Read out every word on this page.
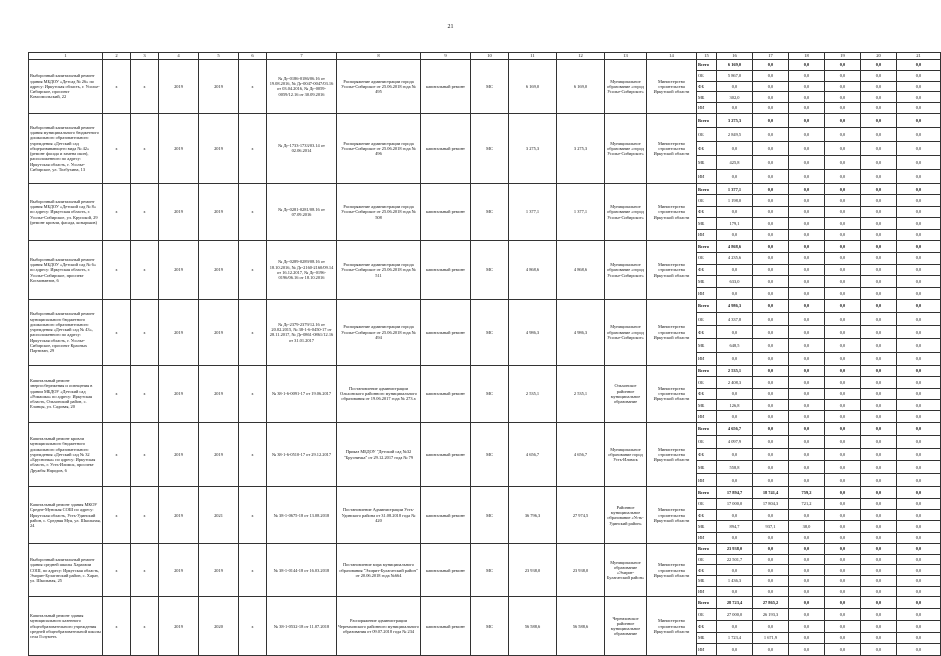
21
1	2	3	4	5	6	7	8	9	10	11	12	13	14	15	16	17	18	19	20	21
Выборочный капитальный ремонт здания МБДОУ «Детсад № 26» по адресу: Иркутская область, г. Усолье-Сибирское, проспект Комсомольский, 22	х	х	2019	2019	х	№ Дг-0186-0186/06.16 от 19.08.2016, № Дг-0047-0047/03.16 от 03.04.2016, № Дг-0059-0059/12.16 от 30.09.2016	Распоряжение администрации города Усолье-Сибирское от 25.06.2018 года № 495	капитальный ремонт	МС	6 169,0	6 169,0	Муниципальное образование «город Усолье-Сибирское»	Министерство строительства Иркутской области	Всего	6 169,0	0,0	0,0	0,0	0,0	0,0
														ОБ	5 867,0	0,0	0,0	0,0	0,0	0,0
														ФБ	0,0	0,0	0,0	0,0	0,0	0,0
														МБ	302,0	0,0	0,0	0,0	0,0	0,0
														ИИ	0,0	0,0	0,0	0,0	0,0	0,0
Выборочный капитальный ремонт здания муниципального бюджетного дошкольного образовательного учреждения «Детский сад общеразвивающего вида № 42» (ремонт фасада и замена окон), расположенного по адресу: Иркутская область, г. Усолье-Сибирское, ул. Толбухина, 13	х	х	2019	2019	х	№ Дг-1733-1733/03.14 от 02.06.2014	Распоряжение администрации города Усолье-Сибирское от 25.06.2018 года № 496	капитальный ремонт	МС	3 275,3	3 275,3	Муниципальное образование «город Усолье-Сибирское»	Министерство строительства Иркутской области	Всего	3 275,3	0,0	0,0	0,0	0,0	0,0
														ОБ	2 849,5	0,0	0,0	0,0	0,0	0,0
														ФБ	0,0	0,0	0,0	0,0	0,0	0,0
														МБ	425,8	0,0	0,0	0,0	0,0	0,0
														ИИ	0,0	0,0	0,0	0,0	0,0	0,0
Выборочный капитальный ремонт здания МБДОУ «Детский сад № 8» по адресу: Иркутская область, г. Усолье-Сибирское, ул. Крупской, 29 (ремонт кровли, фасада, козырьков)	х	х	2019	2019	х	№ Дг-0281-0281/08.16 от 07.09.2016	Распоряжение администрации города Усолье-Сибирское от 25.06.2018 года № 508	капитальный ремонт	МС	1 377,1	1 377,1	Муниципальное образование «город Усолье-Сибирское»	Министерство строительства Иркутской области	Всего	1 377,1	0,0	0,0	0,0	0,0	0,0
														ОБ	1 198,0	0,0	0,0	0,0	0,0	0,0
														ФБ	0,0	0,0	0,0	0,0	0,0	0,0
														МБ	179,1	0,0	0,0	0,0	0,0	0,0
														ИИ	0,0	0,0	0,0	0,0	0,0	0,0
Выборочный капитальный ремонт здания МБДОУ «Детский сад № 6» по адресу: Иркутская область, г. Усолье-Сибирское, проспект Космонавтов, 6	х	х	2019	2019	х	№ Дг-0289-0289/08.16 от 18.10.2016, № Дг-2160-2160/09.14 от 16.12.2017, № Дг-0196-0196/06.16 от 18.10.2016	Распоряжение администрации города Усолье-Сибирское от 25.06.2018 года № 511	капитальный ремонт	МС	4 868,6	4 868,6	Муниципальное образование «город Усолье-Сибирское»	Министерство строительства Иркутской области	Всего	4 868,6	0,0	0,0	0,0	0,0	0,0
														ОБ	4 235,6	0,0	0,0	0,0	0,0	0,0
														ФБ	0,0	0,0	0,0	0,0	0,0	0,0
														МБ	633,0	0,0	0,0	0,0	0,0	0,0
														ИИ	0,0	0,0	0,0	0,0	0,0	0,0
Выборочный капитальный ремонт муниципального бюджетного дошкольного образовательного учреждения «Детский сад № 43», расположенного по адресу: Иркутская область, г. Усолье-Сибирское, проспект Красных Партизан, 29	х	х	2019	2019	х	№ Дг-2379-2379/12.16 от 20.02.2015, № 38-1-6-0450-17 от 28.11.2017, № Дг-0861-0861/12.16 от 31.01.2017	Распоряжение администрации города Усолье-Сибирское от 25.06.2018 года № 494	капитальный ремонт	МС	4 986,3	4 986,3	Муниципальное образование «город Усолье-Сибирское»	Министерство строительства Иркутской области	Всего	4 986,3	0,0	0,0	0,0	0,0	0,0
														ОБ	4 337,8	0,0	0,0	0,0	0,0	0,0
														ФБ	0,0	0,0	0,0	0,0	0,0	0,0
														МБ	648,5	0,0	0,0	0,0	0,0	0,0
														ИИ	0,0	0,0	0,0	0,0	0,0	0,0
Капитальный ремонт энергосбережения и освещения в здании МБДОУ «Детский сад «Ромашка» по адресу: Иркутская область, Ольхонский район, с. Еланцы, ул. Садовая, 20	х	х	2019	2019	х	№ 38-1-6-0091-17 от 19.06.2017	Постановление администрации Ольхонского районного муниципального образования от 19.06.2017 года № 273 а	капитальный ремонт	МС	2 535,1	2 535,1	Ольхонское районное муниципальное образование	Министерство строительства Иркутской области	Всего	2 535,1	0,0	0,0	0,0	0,0	0,0
														ОБ	2 408,3	0,0	0,0	0,0	0,0	0,0
														ФБ	0,0	0,0	0,0	0,0	0,0	0,0
														МБ	126,8	0,0	0,0	0,0	0,0	0,0
														ИИ	0,0	0,0	0,0	0,0	0,0	0,0
Капитальный ремонт кровли муниципального бюджетного дошкольного образовательного учреждения «Детский сад № 32 «Брусничка» по адресу: Иркутская область, г. Усть-Илимск, проспект Дружбы Народов, 6	х	х	2019	2019	х	№ 38-1-6-0510-17 от 29.12.2017	Приказ МБДОУ "Детский сад №32 "Брусничка" от 29.12.2017 года № 79	капитальный ремонт	МС	4 656,7	4 656,7	Муниципальное образование город Усть-Илимск	Министерство строительства Иркутской области	Всего	4 656,7	0,0	0,0	0,0	0,0	0,0
														ОБ	4 097,9	0,0	0,0	0,0	0,0	0,0
														ФБ	0,0	0,0	0,0	0,0	0,0	0,0
														МБ	558,8	0,0	0,0	0,0	0,0	0,0
														ИИ	0,0	0,0	0,0	0,0	0,0	0,0
Капитальный ремонт здания МКОУ Средне-Мунокая СОШ по адресу: Иркутская область, Усть-Удинский район, с. Средняя Муя, ул. Школьная, 24	х	х	2019	2021	х	№ 38-1-0675-18 от 13.08.2018	Постановление Администрации Усть-Удинского района от 31.08.2018 года № 420	капитальный ремонт	МС	36 796,3	27 974,5	Районное муниципальное образование «Усть-Удинский район»	Министерство строительства Иркутской области	Всего	17 894,7	18 741,4	759,2	0,0	0,0	0,0
														ОБ	17 000,0	17 804,3	721,2	0,0	0,0	0,0
														ФБ	0,0	0,0	0,0	0,0	0,0	0,0
														МБ	894,7	937,1	38,0	0,0	0,0	0,0
														ИИ	0,0	0,0	0,0	0,0	0,0	0,0
Выборочный капитальный ремонт здания средней школы Харагаии СОШ, по адресу: Иркутская область, Эхирит-Булагатский район, с. Харат, ул. Школьная, 25	х	х	2019	2019	х	№ 38-1-0144-18 от 16.03.2018	Постановление мэра муниципального образования "Эхирит-Булагатский район" от 20.06.2018 года №664	капитальный ремонт	МС	23 938,0	23 938,0	Муниципальное образование «Эхирит-Булагатский район»	Министерство строительства Иркутской области	Всего	23 938,0	0,0	0,0	0,0	0,0	0,0
														ОБ	22 501,7	0,0	0,0	0,0	0,0	0,0
														ФБ	0,0	0,0	0,0	0,0	0,0	0,0
														МБ	1 436,3	0,0	0,0	0,0	0,0	0,0
														ИИ	0,0	0,0	0,0	0,0	0,0	0,0
Капитальный ремонт здания муниципального казенного общеобразовательного учреждения средней общеобразовательной школы села Голуметь	х	х	2019	2020	х	№ 38-1-0532-18 от 11.07.2018	Распоряжение администрации Черемховского районного муниципального образования от 09.07.2018 года № 234	капитальный ремонт	МС	56 588,6	56 588,6	Черемховское районное муниципальное образование	Министерство строительства Иркутской области	Всего	28 723,4	27 865,2	0,0	0,0	0,0	0,0
														ОБ	27 000,0	26 193,3	0,0	0,0	0,0	0,0
														ФБ	0,0	0,0	0,0	0,0	0,0	0,0
														МБ	1 723,4	1 671,9	0,0	0,0	0,0	0,0
														ИИ	0,0	0,0	0,0	0,0	0,0	0,0
